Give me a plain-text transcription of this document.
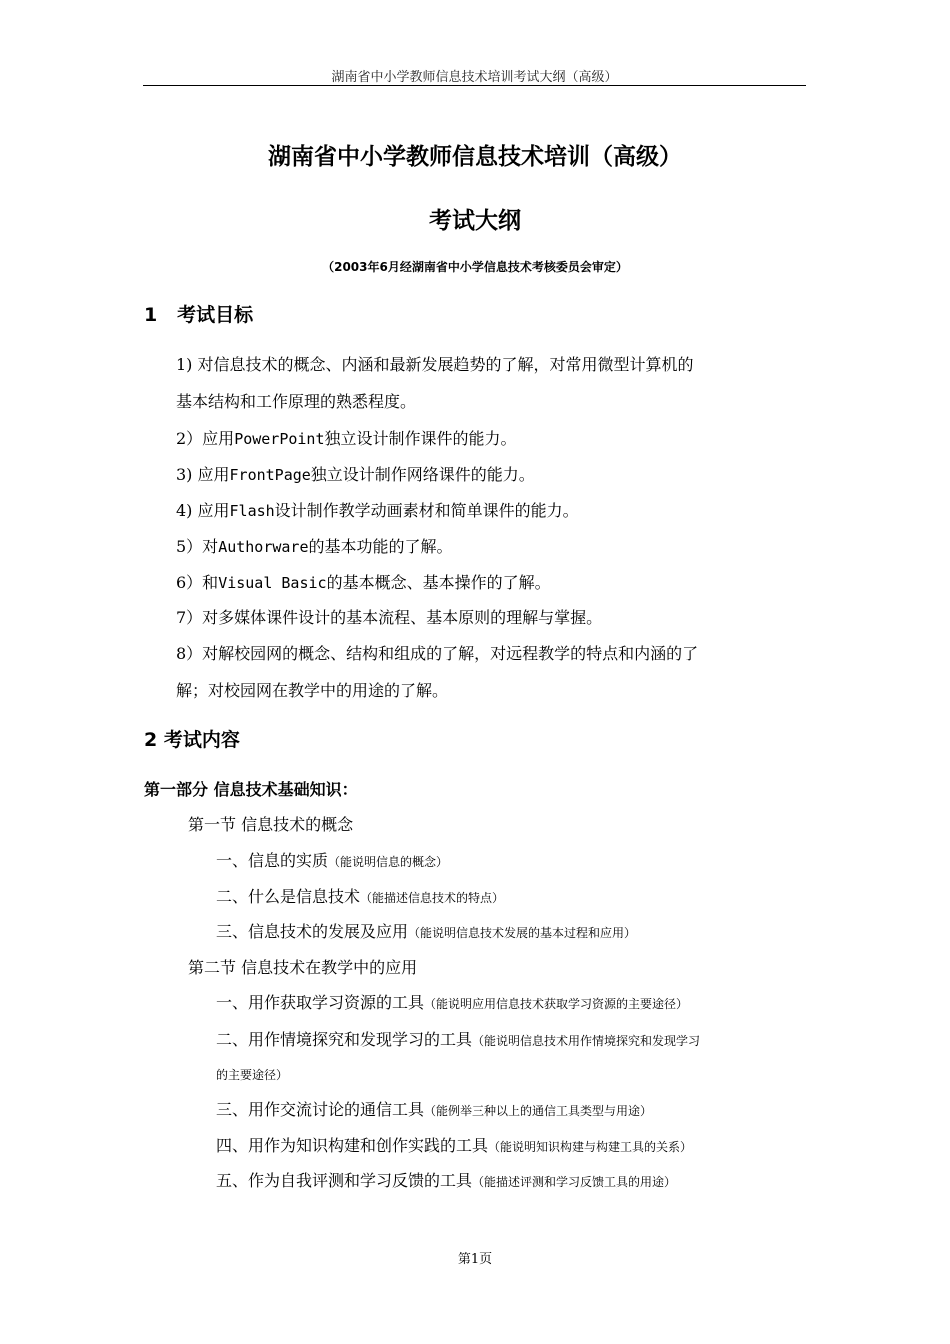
湖南省中小学教师信息技术培训考试大纲（高级）
湖南省中小学教师信息技术培训（高级）
考试大纲
（2003年6月经湖南省中小学信息技术考核委员会审定）
1   考试目标
1) 对信息技术的概念、内涵和最新发展趋势的了解，对常用微型计算机的
基本结构和工作原理的熟悉程度。
2）应用PowerPoint独立设计制作课件的能力。
3) 应用FrontPage独立设计制作网络课件的能力。
4) 应用Flash设计制作教学动画素材和简单课件的能力。
5）对Authorware的基本功能的了解。
6）和Visual Basic的基本概念、基本操作的了解。
7）对多媒体课件设计的基本流程、基本原则的理解与掌握。
8）对解校园网的概念、结构和组成的了解，对远程教学的特点和内涵的了
解；对校园网在教学中的用途的了解。
2 考试内容
第一部分 信息技术基础知识：
第一节 信息技术的概念
一、信息的实质（能说明信息的概念）
二、什么是信息技术（能描述信息技术的特点）
三、信息技术的发展及应用（能说明信息技术发展的基本过程和应用）
第二节 信息技术在教学中的应用
一、用作获取学习资源的工具（能说明应用信息技术获取学习资源的主要途径）
二、用作情境探究和发现学习的工具（能说明信息技术用作情境探究和发现学习
的主要途径）
三、用作交流讨论的通信工具（能例举三种以上的通信工具类型与用途）
四、用作为知识构建和创作实践的工具（能说明知识构建与构建工具的关系）
五、作为自我评测和学习反馈的工具（能描述评测和学习反馈工具的用途）
第1页
